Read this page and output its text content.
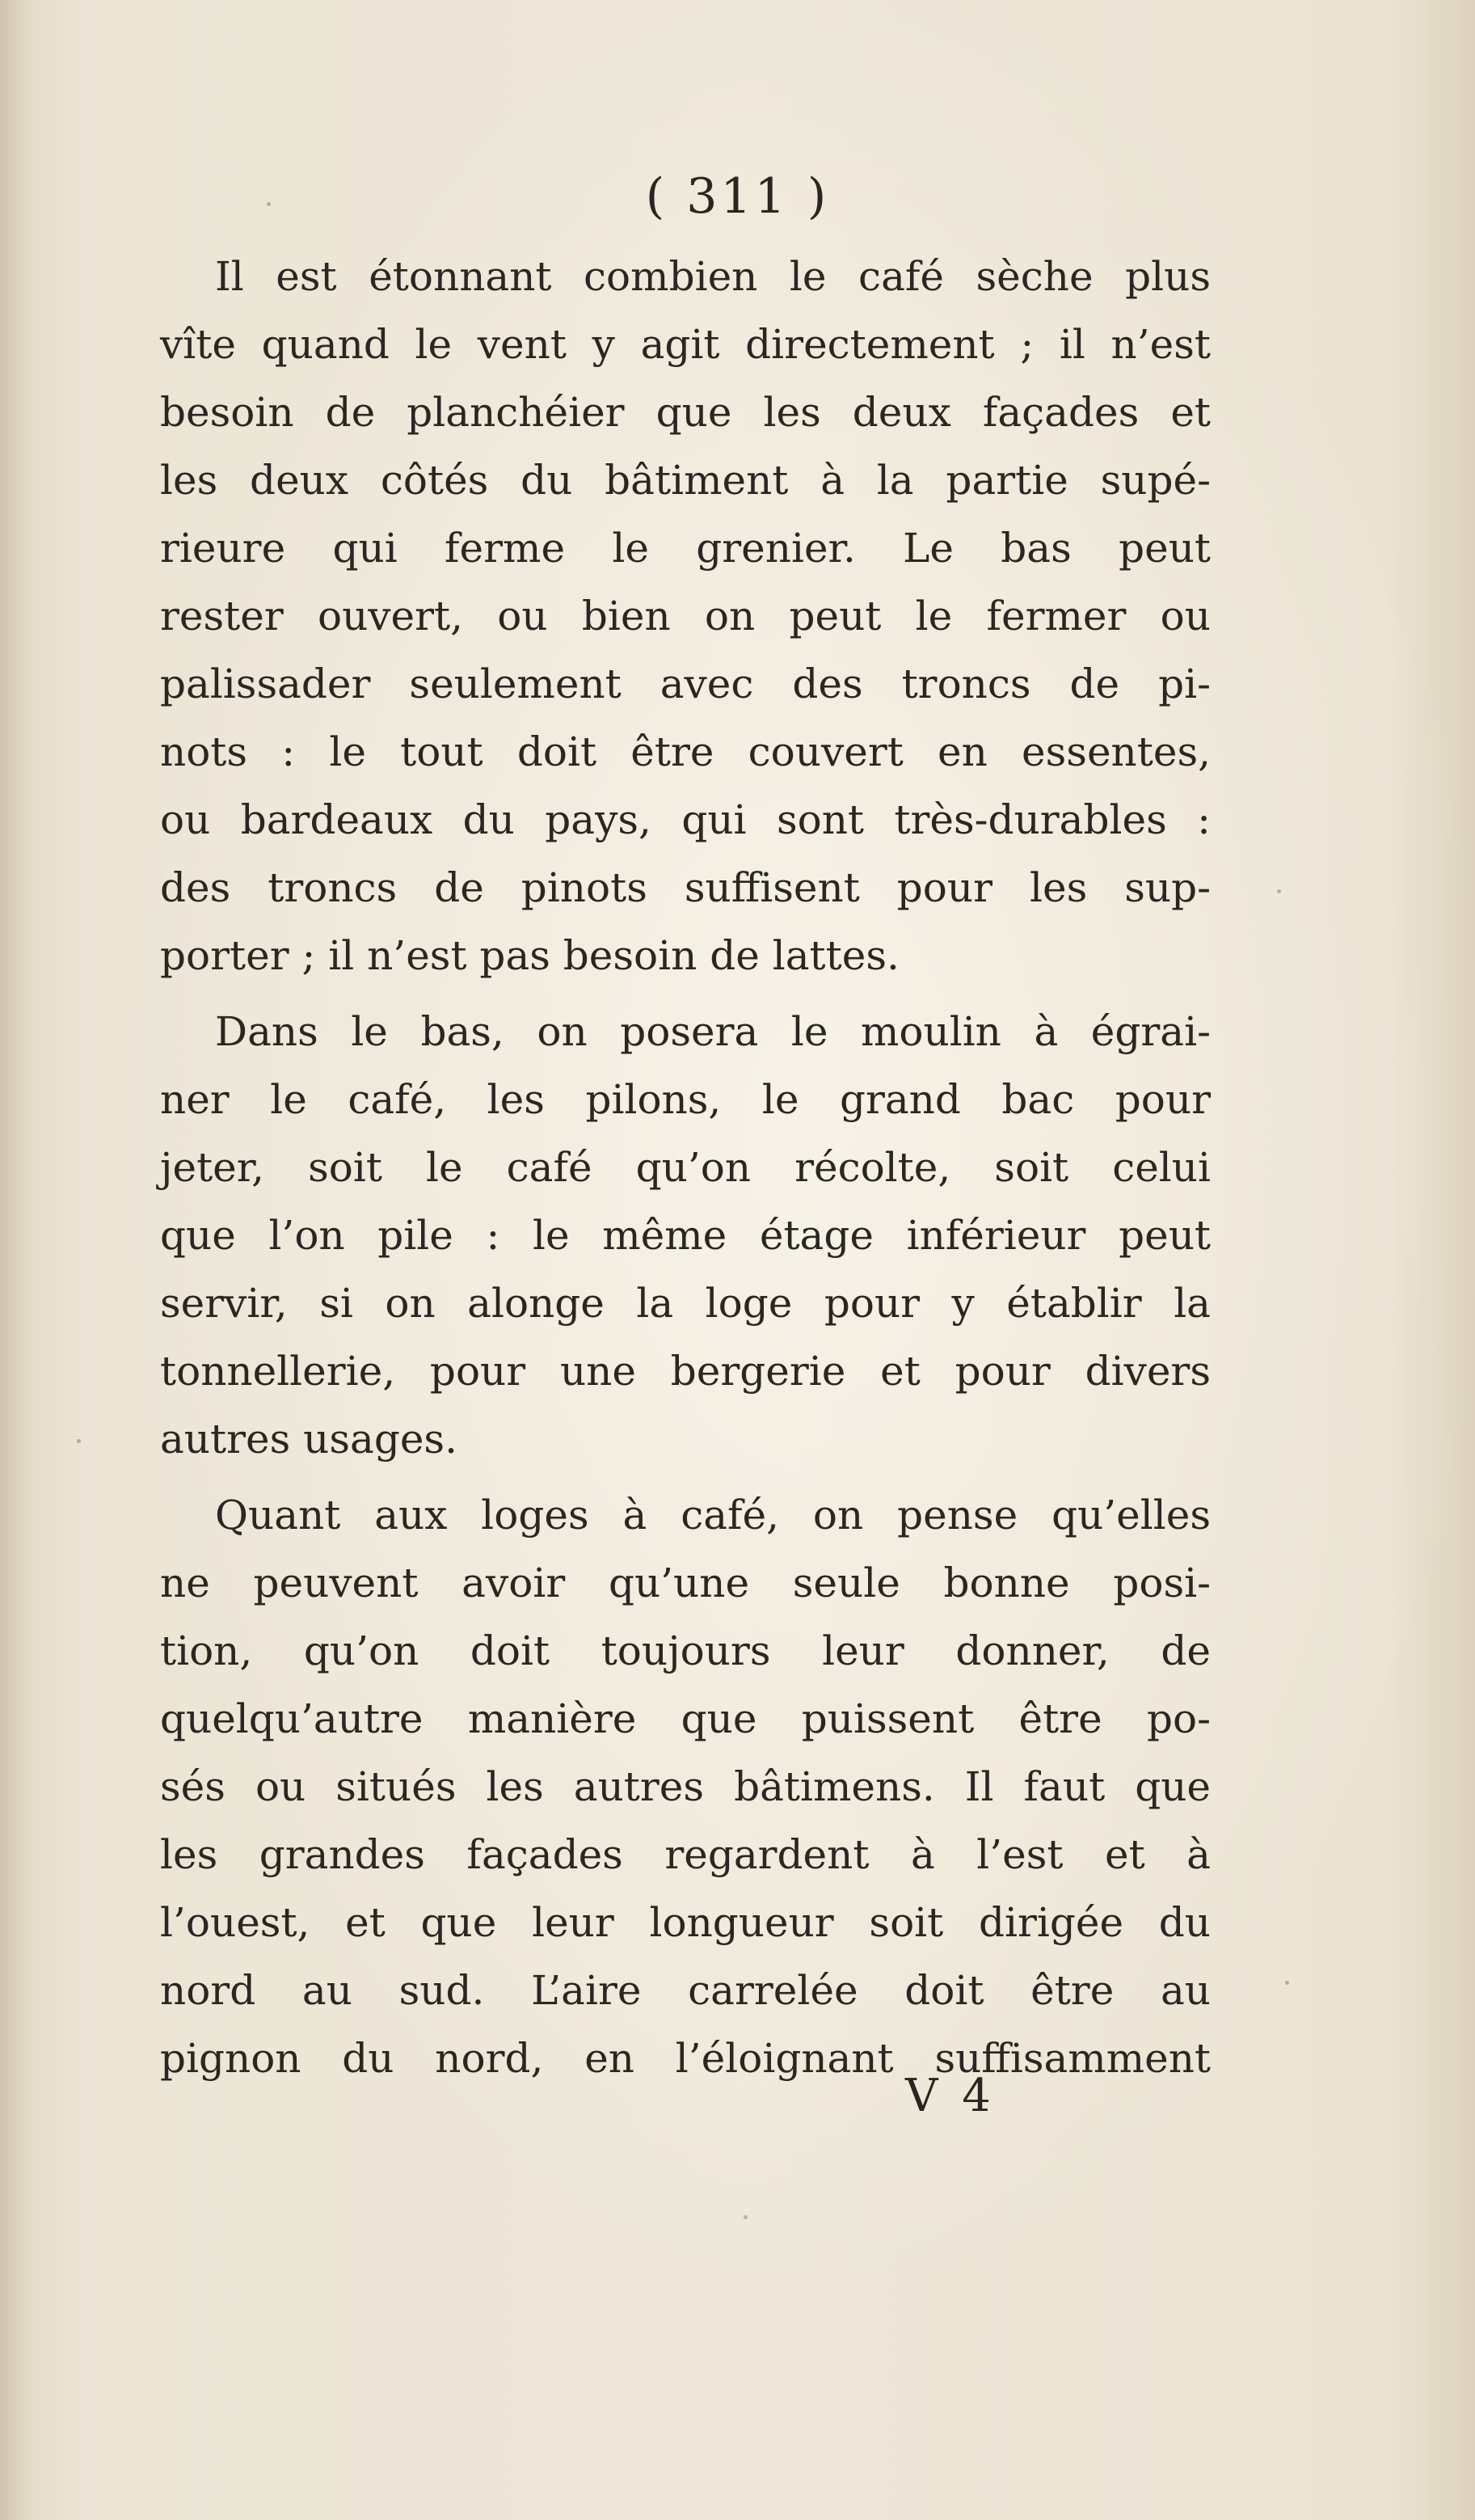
( 311 )
Il est étonnant combien le café sèche plus
vîte quand le vent y agit directement ; il n’est
besoin de planchéier que les deux façades et
les deux côtés du bâtiment à la partie supé-
rieure qui ferme le grenier. Le bas peut
rester ouvert, ou bien on peut le fermer ou
palissader seulement avec des troncs de pi-
nots : le tout doit être couvert en essentes,
ou bardeaux du pays, qui sont très-durables :
des troncs de pinots suffisent pour les sup-
porter ; il n’est pas besoin de lattes.
Dans le bas, on posera le moulin à égrai-
ner le café, les pilons, le grand bac pour
jeter, soit le café qu’on récolte, soit celui
que l’on pile : le même étage inférieur peut
servir, si on alonge la loge pour y établir la
tonnellerie, pour une bergerie et pour divers
autres usages.
Quant aux loges à café, on pense qu’elles
ne peuvent avoir qu’une seule bonne posi-
tion, qu’on doit toujours leur donner, de
quelqu’autre manière que puissent être po-
sés ou situés les autres bâtimens. Il faut que
les grandes façades regardent à l’est et à
l’ouest, et que leur longueur soit dirigée du
nord au sud. L’aire carrelée doit être au
pignon du nord, en l’éloignant suffisamment
V 4
